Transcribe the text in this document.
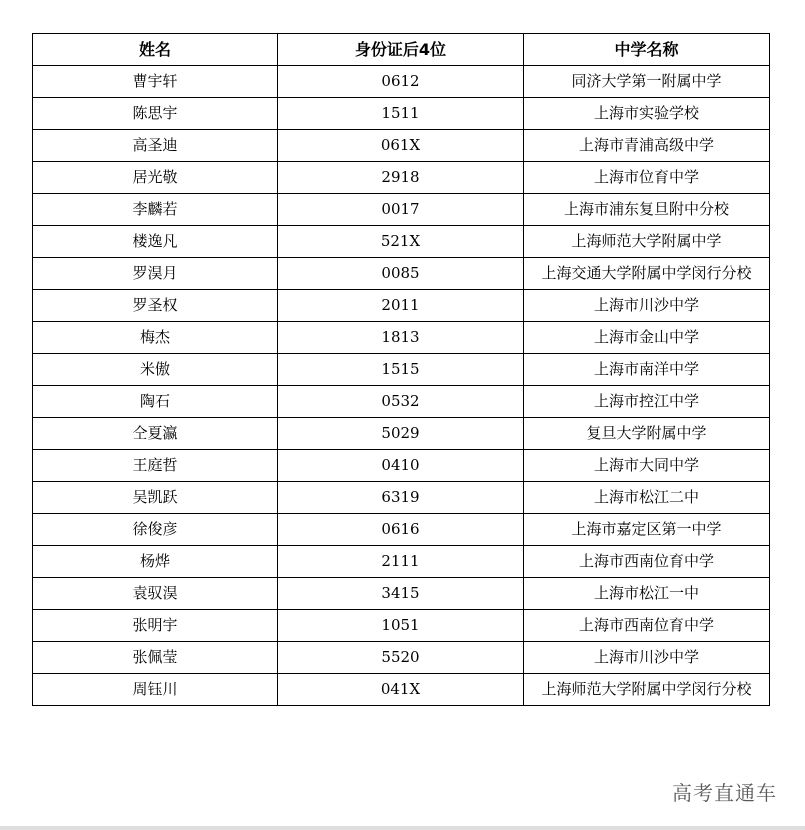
姓名	身份证后4位	中学名称
曹宇轩	0612	同济大学第一附属中学
陈思宇	1511	上海市实验学校
高圣迪	061X	上海市青浦高级中学
居光敬	2918	上海市位育中学
李麟若	0017	上海市浦东复旦附中分校
楼逸凡	521X	上海师范大学附属中学
罗淏月	0085	上海交通大学附属中学闵行分校
罗圣权	2011	上海市川沙中学
梅杰	1813	上海市金山中学
米傲	1515	上海市南洋中学
陶石	0532	上海市控江中学
仝夏瀛	5029	复旦大学附属中学
王庭哲	0410	上海市大同中学
吴凯跃	6319	上海市松江二中
徐俊彦	0616	上海市嘉定区第一中学
杨烨	2111	上海市西南位育中学
袁驭淏	3415	上海市松江一中
张明宇	1051	上海市西南位育中学
张佩莹	5520	上海市川沙中学
周钰川	041X	上海师范大学附属中学闵行分校
高考直通车
